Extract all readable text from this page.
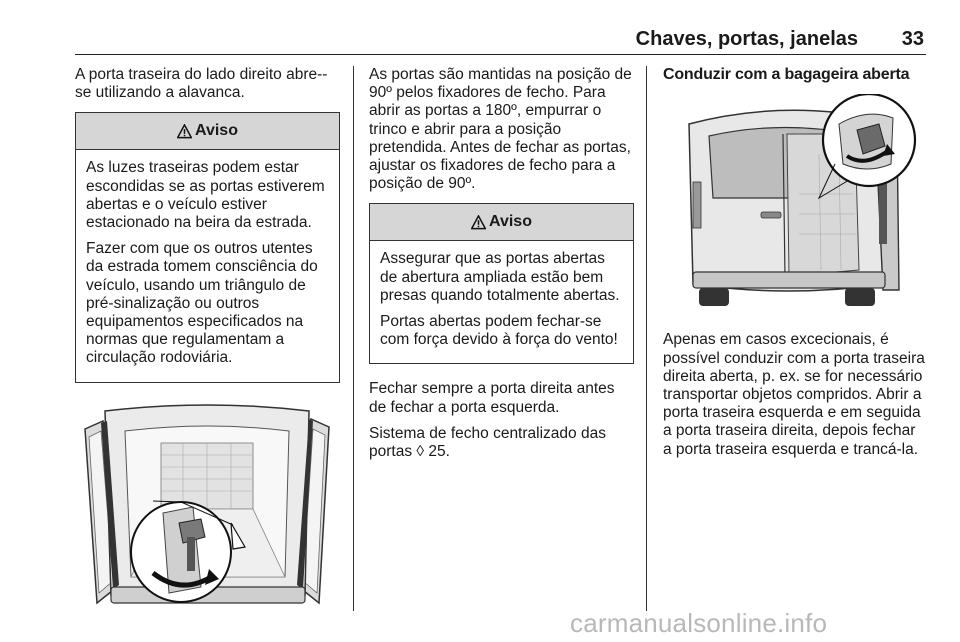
Chaves, portas, janelas 33

A porta traseira do lado direito abre--se utilizando a alavanca.

Aviso

As luzes traseiras podem estar escondidas se as portas estiverem abertas e o veículo estiver estacionado na beira da estrada.

Fazer com que os outros utentes da estrada tomem consciência do veículo, usando um triângulo de pré-sinalização ou outros equipamentos especificados na normas que regulamentam a circulação rodoviária.

As portas são mantidas na posição de 90º pelos fixadores de fecho. Para abrir as portas a 180º, empurrar o trinco e abrir para a posição pretendida. Antes de fechar as portas, ajustar os fixadores de fecho para a posição de 90º.

Aviso

Assegurar que as portas abertas de abertura ampliada estão bem presas quando totalmente abertas.

Portas abertas podem fechar-se com força devido à força do vento!

Fechar sempre a porta direita antes de fechar a porta esquerda.

Sistema de fecho centralizado das portas ◊ 25.

Conduzir com a bagageira aberta

Apenas em casos excecionais, é possível conduzir com a porta traseira direita aberta, p. ex. se for necessário transportar objetos compridos. Abrir a porta traseira esquerda e em seguida a porta traseira direita, depois fechar a porta traseira esquerda e trancá-la.

carmanualsonline.info
